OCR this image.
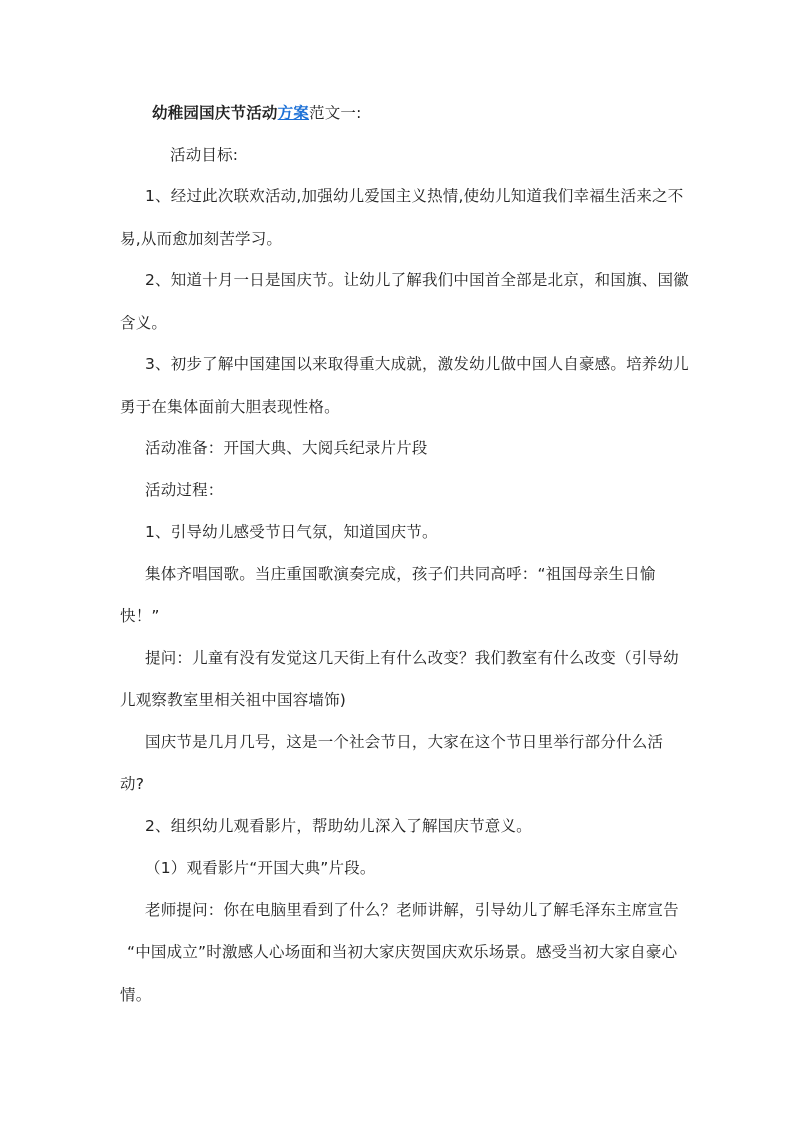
幼稚园国庆节活动方案范文一:
活动目标:
1、经过此次联欢活动,加强幼儿爱国主义热情,使幼儿知道我们幸福生活来之不
易,从而愈加刻苦学习。
2、知道十月一日是国庆节。让幼儿了解我们中国首全部是北京，和国旗、国徽
含义。
3、初步了解中国建国以来取得重大成就，激发幼儿做中国人自豪感。培养幼儿
勇于在集体面前大胆表现性格。
活动准备：开国大典、大阅兵纪录片片段
活动过程：
1、引导幼儿感受节日气氛，知道国庆节。
集体齐唱国歌。当庄重国歌演奏完成，孩子们共同高呼：“祖国母亲生日愉
快！”
提问：儿童有没有发觉这几天街上有什么改变？我们教室有什么改变（引导幼
儿观察教室里相关祖中国容墙饰)
国庆节是几月几号，这是一个社会节日，大家在这个节日里举行部分什么活
动?
2、组织幼儿观看影片，帮助幼儿深入了解国庆节意义。
（1）观看影片“开国大典”片段。
老师提问：你在电脑里看到了什么？老师讲解，引导幼儿了解毛泽东主席宣告
“中国成立”时激感人心场面和当初大家庆贺国庆欢乐场景。感受当初大家自豪心
情。
